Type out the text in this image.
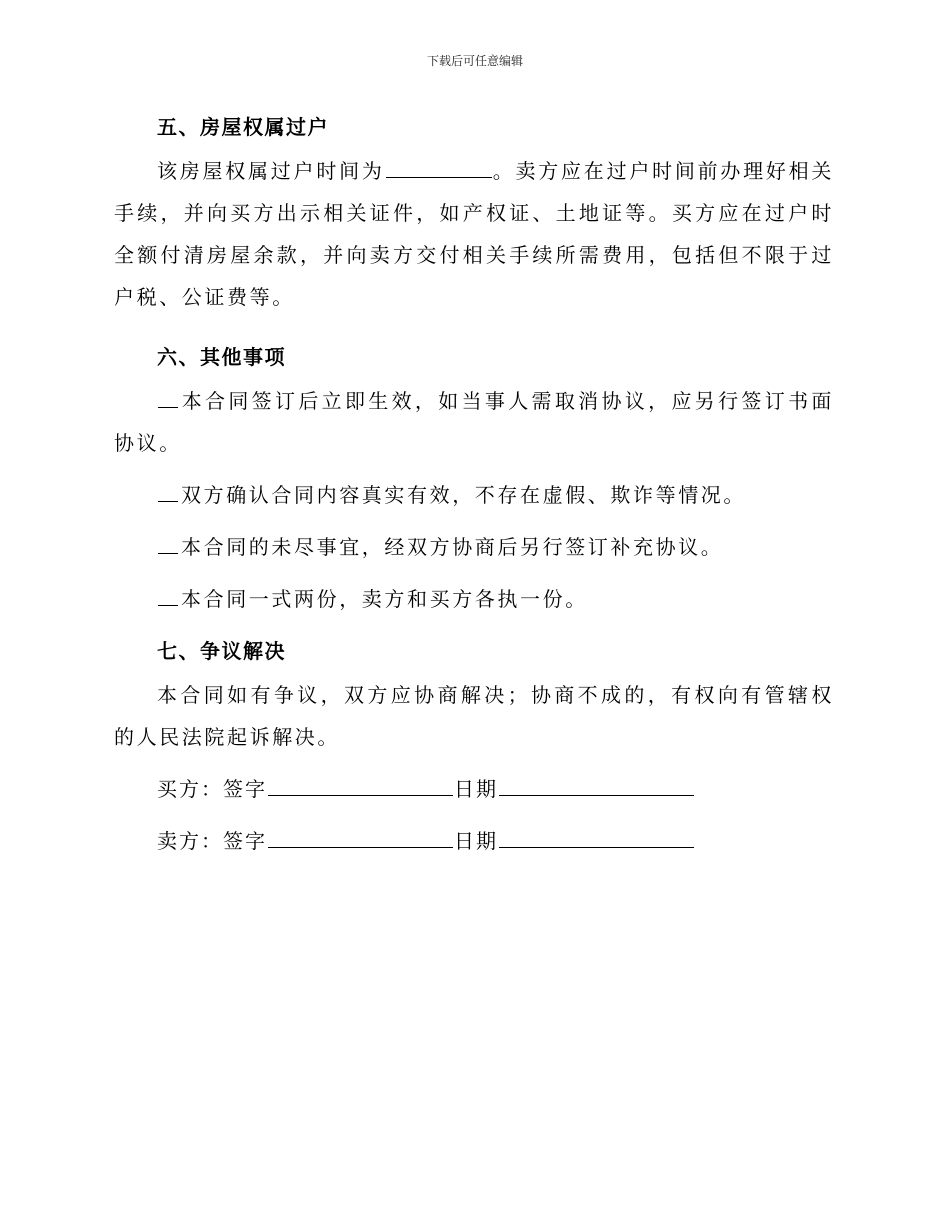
下载后可任意编辑
五、房屋权属过户

该房屋权属过户时间为	。卖方应在过户时间前办理好相关手续，并向买方出示相关证件，如产权证、土地证等。买方应在过户时全额付清房屋余款，并向卖方交付相关手续所需费用，包括但不限于过户税、公证费等。

六、其他事项

本合同签订后立即生效，如当事人需取消协议，应另行签订书面协议。

双方确认合同内容真实有效，不存在虚假、欺诈等情况。

本合同的未尽事宜，经双方协商后另行签订补充协议。

本合同一式两份，卖方和买方各执一份。

七、争议解决

本合同如有争议，双方应协商解决；协商不成的，有权向有管辖权的人民法院起诉解决。

买方：签字	日期

卖方：签字	日期
